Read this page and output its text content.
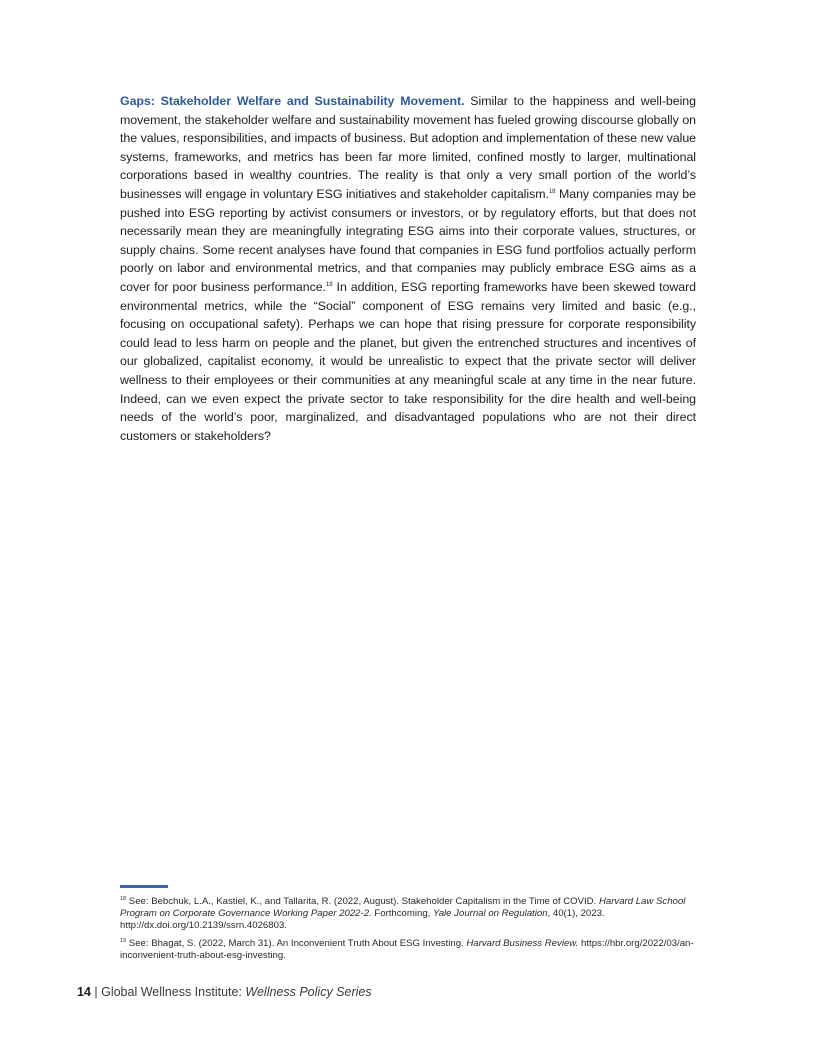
Gaps: Stakeholder Welfare and Sustainability Movement. Similar to the happiness and well-being movement, the stakeholder welfare and sustainability movement has fueled growing discourse globally on the values, responsibilities, and impacts of business. But adoption and implementation of these new value systems, frameworks, and metrics has been far more limited, confined mostly to larger, multinational corporations based in wealthy countries. The reality is that only a very small portion of the world’s businesses will engage in voluntary ESG initiatives and stakeholder capitalism.$^{18}$ Many companies may be pushed into ESG reporting by activist consumers or investors, or by regulatory efforts, but that does not necessarily mean they are meaningfully integrating ESG aims into their corporate values, structures, or supply chains. Some recent analyses have found that companies in ESG fund portfolios actually perform poorly on labor and environmental metrics, and that companies may publicly embrace ESG aims as a cover for poor business performance.$^{19}$ In addition, ESG reporting frameworks have been skewed toward environmental metrics, while the “Social” component of ESG remains very limited and basic (e.g., focusing on occupational safety). Perhaps we can hope that rising pressure for corporate responsibility could lead to less harm on people and the planet, but given the entrenched structures and incentives of our globalized, capitalist economy, it would be unrealistic to expect that the private sector will deliver wellness to their employees or their communities at any meaningful scale at any time in the near future. Indeed, can we even expect the private sector to take responsibility for the dire health and well-being needs of the world’s poor, marginalized, and disadvantaged populations who are not their direct customers or stakeholders?

$^{18}$ See: Bebchuk, L.A., Kastiel, K., and Tallarita, R. (2022, August). Stakeholder Capitalism in the Time of COVID. Harvard Law School Program on Corporate Governance Working Paper 2022-2. Forthcoming, Yale Journal on Regulation, 40(1), 2023. http://dx.doi.org/10.2139/ssrn.4026803.

$^{19}$ See: Bhagat, S. (2022, March 31). An Inconvenient Truth About ESG Investing. Harvard Business Review. https://hbr.org/2022/03/an-inconvenient-truth-about-esg-investing.

14 | Global Wellness Institute: Wellness Policy Series
